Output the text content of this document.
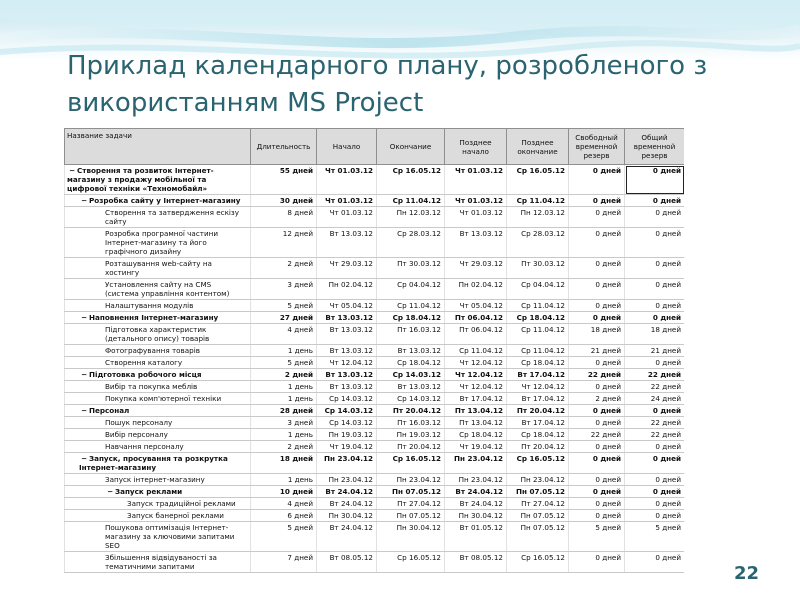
Приклад календарного плану, розробленого з використанням MS Project
Название задачи	Длительность	Начало	Окончание	Позднее начало	Позднее окончание	Свободный временной резерв	Общий временной резерв
− Створення та розвиток Інтернет-магазину з продажу мобільної та цифрової техніки «Техномобайл»	55 дней	Чт 01.03.12	Ср 16.05.12	Чт 01.03.12	Ср 16.05.12	0 дней	0 дней
− Розробка сайту у Інтернет-магазину	30 дней	Чт 01.03.12	Ср 11.04.12	Чт 01.03.12	Ср 11.04.12	0 дней	0 дней
Створення та затвердження ескізу сайту	8 дней	Чт 01.03.12	Пн 12.03.12	Чт 01.03.12	Пн 12.03.12	0 дней	0 дней
Розробка програмної частини Інтернет-магазину та його графічного дизайну	12 дней	Вт 13.03.12	Ср 28.03.12	Вт 13.03.12	Ср 28.03.12	0 дней	0 дней
Розташування web-сайту на хостингу	2 дней	Чт 29.03.12	Пт 30.03.12	Чт 29.03.12	Пт 30.03.12	0 дней	0 дней
Установлення сайту на CMS (система управління контентом)	3 дней	Пн 02.04.12	Ср 04.04.12	Пн 02.04.12	Ср 04.04.12	0 дней	0 дней
Налаштування модулів	5 дней	Чт 05.04.12	Ср 11.04.12	Чт 05.04.12	Ср 11.04.12	0 дней	0 дней
− Наповнення Інтернет-магазину	27 дней	Вт 13.03.12	Ср 18.04.12	Пт 06.04.12	Ср 18.04.12	0 дней	0 дней
Підготовка характеристик (детального опису) товарів	4 дней	Вт 13.03.12	Пт 16.03.12	Пт 06.04.12	Ср 11.04.12	18 дней	18 дней
Фотографування товарів	1 день	Вт 13.03.12	Вт 13.03.12	Ср 11.04.12	Ср 11.04.12	21 дней	21 дней
Створення каталогу	5 дней	Чт 12.04.12	Ср 18.04.12	Чт 12.04.12	Ср 18.04.12	0 дней	0 дней
− Підготовка робочого місця	2 дней	Вт 13.03.12	Ср 14.03.12	Чт 12.04.12	Вт 17.04.12	22 дней	22 дней
Вибір та покупка меблів	1 день	Вт 13.03.12	Вт 13.03.12	Чт 12.04.12	Чт 12.04.12	0 дней	22 дней
Покупка комп'ютерної техніки	1 день	Ср 14.03.12	Ср 14.03.12	Вт 17.04.12	Вт 17.04.12	2 дней	24 дней
− Персонал	28 дней	Ср 14.03.12	Пт 20.04.12	Пт 13.04.12	Пт 20.04.12	0 дней	0 дней
Пошук персоналу	3 дней	Ср 14.03.12	Пт 16.03.12	Пт 13.04.12	Вт 17.04.12	0 дней	22 дней
Вибір персоналу	1 день	Пн 19.03.12	Пн 19.03.12	Ср 18.04.12	Ср 18.04.12	22 дней	22 дней
Навчання персоналу	2 дней	Чт 19.04.12	Пт 20.04.12	Чт 19.04.12	Пт 20.04.12	0 дней	0 дней
− Запуск, просування та розкрутка Інтернет-магазину	18 дней	Пн 23.04.12	Ср 16.05.12	Пн 23.04.12	Ср 16.05.12	0 дней	0 дней
Запуск інтернет-магазину	1 день	Пн 23.04.12	Пн 23.04.12	Пн 23.04.12	Пн 23.04.12	0 дней	0 дней
− Запуск реклами	10 дней	Вт 24.04.12	Пн 07.05.12	Вт 24.04.12	Пн 07.05.12	0 дней	0 дней
Запуск традиційної реклами	4 дней	Вт 24.04.12	Пт 27.04.12	Вт 24.04.12	Пт 27.04.12	0 дней	0 дней
Запуск банерної реклами	6 дней	Пн 30.04.12	Пн 07.05.12	Пн 30.04.12	Пн 07.05.12	0 дней	0 дней
Пошукова оптимізація Інтернет-магазину за ключовими запитами SEO	5 дней	Вт 24.04.12	Пн 30.04.12	Вт 01.05.12	Пн 07.05.12	5 дней	5 дней
Збільшення відвідуваності за тематичними запитами	7 дней	Вт 08.05.12	Ср 16.05.12	Вт 08.05.12	Ср 16.05.12	0 дней	0 дней
22
